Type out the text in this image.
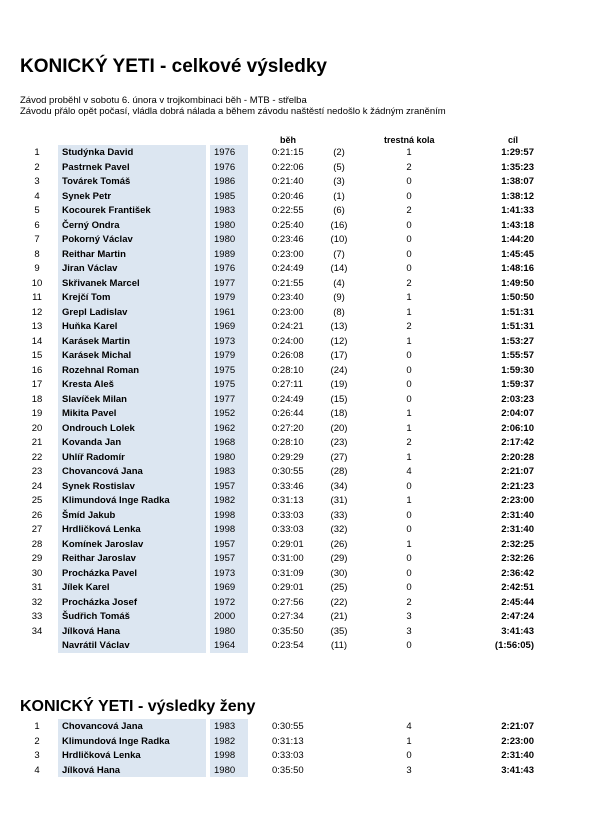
KONICKÝ YETI - celkové výsledky
Závod proběhl v sobotu 6. února v trojkombinaci běh - MTB - střelba
Závodu přálo opět počasí, vládla dobrá nálada a během závodu naštěstí nedošlo k žádným zraněním
běh	trestná kola	cíl
1	Studýnka David	1976	0:21:15	(2)	1	1:29:57
2	Pastrnek Pavel	1976	0:22:06	(5)	2	1:35:23
3	Továrek Tomáš	1986	0:21:40	(3)	0	1:38:07
4	Synek Petr	1985	0:20:46	(1)	0	1:38:12
5	Kocourek František	1983	0:22:55	(6)	2	1:41:33
6	Černý Ondra	1980	0:25:40	(16)	0	1:43:18
7	Pokorný Václav	1980	0:23:46	(10)	0	1:44:20
8	Reithar Martin	1989	0:23:00	(7)	0	1:45:45
9	Jiran Václav	1976	0:24:49	(14)	0	1:48:16
10 Skřivanek Marcel	1977	0:21:55	(4)	2	1:49:50
11 Krejčí Tom	1979	0:23:40	(9)	1	1:50:50
12 Grepl Ladislav	1961	0:23:00	(8)	1	1:51:31
13 Huňka Karel	1969	0:24:21	(13)	2	1:51:31
14 Karásek Martin	1973	0:24:00	(12)	1	1:53:27
15 Karásek Michal	1979	0:26:08	(17)	0	1:55:57
16 Rozehnal Roman	1975	0:28:10	(24)	0	1:59:30
17 Kresta Aleš	1975	0:27:11	(19)	0	1:59:37
18 Slavíček Milan	1977	0:24:49	(15)	0	2:03:23
19 Mikita Pavel	1952	0:26:44	(18)	1	2:04:07
20 Ondrouch Lolek	1962	0:27:20	(20)	1	2:06:10
21 Kovanda Jan	1968	0:28:10	(23)	2	2:17:42
22 Uhlíř Radomír	1980	0:29:29	(27)	1	2:20:28
23 Chovancová Jana	1983	0:30:55	(28)	4	2:21:07
24 Synek Rostislav	1957	0:33:46	(34)	0	2:21:23
25 Klimundová Inge Radka	1982	0:31:13	(31)	1	2:23:00
26 Šmíd Jakub	1998	0:33:03	(33)	0	2:31:40
27 Hrdličková Lenka	1998	0:33:03	(32)	0	2:31:40
28 Komínek Jaroslav	1957	0:29:01	(26)	1	2:32:25
29 Reithar Jaroslav	1957	0:31:00	(29)	0	2:32:26
30 Procházka Pavel	1973	0:31:09	(30)	0	2:36:42
31 Jílek Karel	1969	0:29:01	(25)	0	2:42:51
32 Procházka Josef	1972	0:27:56	(22)	2	2:45:44
33 Šudřich Tomáš	2000	0:27:34	(21)	3	2:47:24
34 Jílková Hana	1980	0:35:50	(35)	3	3:41:43
Navrátil Václav	1964	0:23:54	(11)	0	(1:56:05)
KONICKÝ YETI - výsledky ženy
1	Chovancová Jana	1983	0:30:55	4	2:21:07
2	Klimundová Inge Radka	1982	0:31:13	1	2:23:00
3	Hrdličková Lenka	1998	0:33:03	0	2:31:40
4	Jílková Hana	1980	0:35:50	3	3:41:43
